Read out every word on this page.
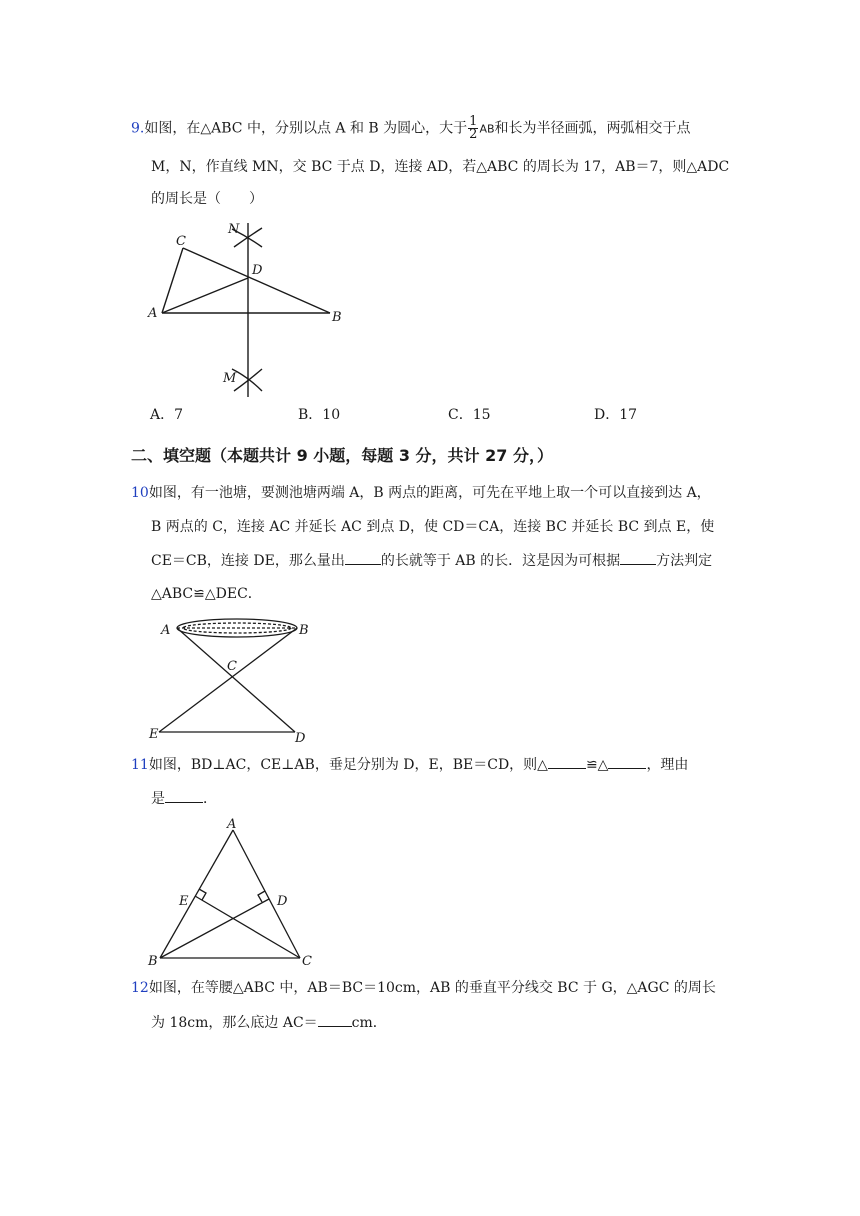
9.如图，在△ABC 中，分别以点 A 和 B 为圆心，大于 $\frac{1}{2}$ AB和长为半径画弧，两弧相交于点
M，N，作直线 MN，交 BC 于点 D，连接 AD，若△ABC 的周长为 17，AB＝7，则△ADC
的周长是（　　）
C
N
D
A	B
M
A．7	B．10	C．15	D．17
二、填空题（本题共计 9 小题，每题 3 分，共计 27 分，）
10如图，有一池塘，要测池塘两端 A，B 两点的距离，可先在平地上取一个可以直接到达 A，
B 两点的 C，连接 AC 并延长 AC 到点 D，使 CD＝CA，连接 BC 并延长 BC 到点 E，使
CE＝CB，连接 DE，那么量出	的长就等于 AB 的长．这是因为可根据	方法判定
△ABC≌△DEC．
A	B
C
E	D
11如图，BD⊥AC，CE⊥AB，垂足分别为 D，E，BE＝CD，则△	≌△	，理由
是	．
A
E	D
B	C
12如图，在等腰△ABC 中，AB＝BC＝10cm，AB 的垂直平分线交 BC 于 G，△AGC 的周长
为 18cm，那么底边 AC＝ cm．
